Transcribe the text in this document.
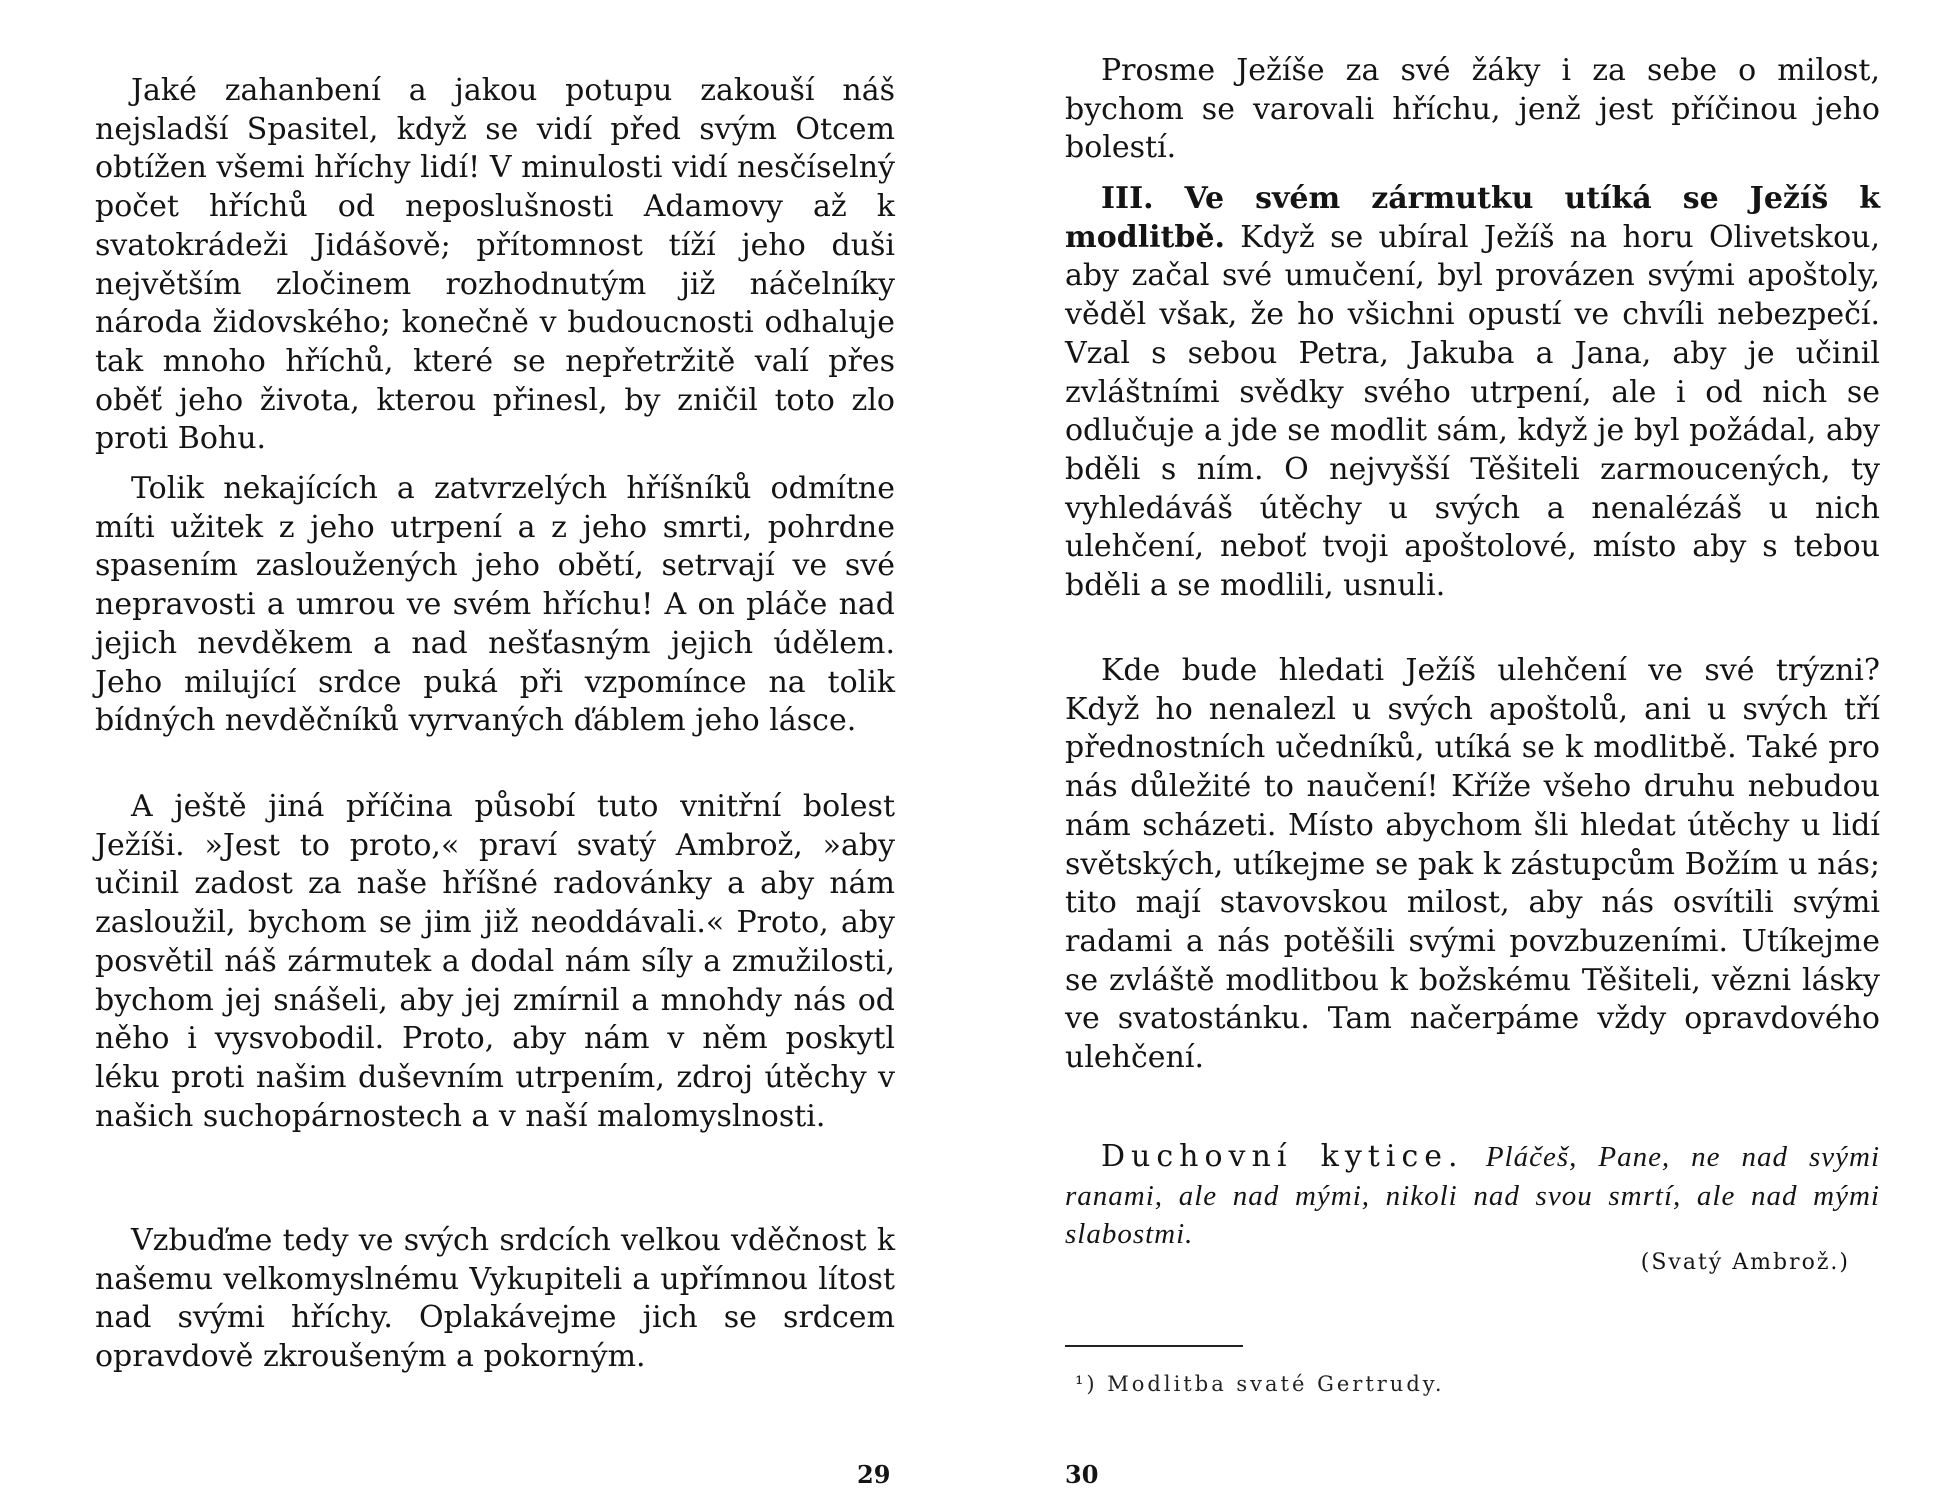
Jaké zahanbení a jakou potupu zakouší náš nejsladší Spasitel, když se vidí před svým Otcem obtížen všemi hříchy lidí! V minulosti vidí nesčíselný počet hříchů od neposlušnosti Adamovy až k svatokrádeži Jidášově; přítomnost tíží jeho duši největším zločinem rozhodnutým již náčelníky národa židovského; konečně v budoucnosti odhaluje tak mnoho hříchů, které se nepřetržitě valí přes oběť jeho života, kterou přinesl, by zničil toto zlo proti Bohu.

Tolik nekajících a zatvrzelých hříšníků odmítne míti užitek z jeho utrpení a z jeho smrti, pohrdne spasením zasloužených jeho obětí, setrvají ve své nepravosti a umrou ve svém hříchu! A on pláče nad jejich nevděkem a nad nešťasným jejich údělem. Jeho milující srdce puká při vzpomínce na tolik bídných nevděčníků vyrvaných ďáblem jeho lásce.

A ještě jiná příčina působí tuto vnitřní bolest Ježíši. »Jest to proto,« praví svatý Ambrož, »aby učinil zadost za naše hříšné radovánky a aby nám zasloužil, bychom se jim již neoddávali.« Proto, aby posvětil náš zármutek a dodal nám síly a zmužilosti, bychom jej snášeli, aby jej zmírnil a mnohdy nás od něho i vysvobodil. Proto, aby nám v něm poskytl léku proti našim duševním utrpením, zdroj útěchy v našich suchopárnostech a v naší malomyslnosti.

Vzbuďme tedy ve svých srdcích velkou vděčnost k našemu velkomyslnému Vykupiteli a upřímnou lítost nad svými hříchy. Oplakávejme jich se srdcem opravdově zkroušeným a pokorným.

29

Prosme Ježíše za své žáky i za sebe o milost, bychom se varovali hříchu, jenž jest příčinou jeho bolestí.

III. Ve svém zármutku utíká se Ježíš k modlitbě. Když se ubíral Ježíš na horu Olivetskou, aby začal své umučení, byl provázen svými apoštoly, věděl však, že ho všichni opustí ve chvíli nebezpečí. Vzal s sebou Petra, Jakuba a Jana, aby je učinil zvláštními svědky svého utrpení, ale i od nich se odlučuje a jde se modlit sám, když je byl požádal, aby bděli s ním. O nejvyšší Těšiteli zarmoucených, ty vyhledáváš útěchy u svých a nenalézáš u nich ulehčení, neboť tvoji apoštolové, místo aby s tebou bděli a se modlili, usnuli.

Kde bude hledati Ježíš ulehčení ve své trýzni? Když ho nenalezl u svých apoštolů, ani u svých tří přednostních učedníků, utíká se k modlitbě. Také pro nás důležité to naučení! Kříže všeho druhu nebudou nám scházeti. Místo abychom šli hledat útěchy u lidí světských, utíkejme se pak k zástupcům Božím u nás; tito mají stavovskou milost, aby nás osvítili svými radami a nás potěšili svými povzbuzeními. Utíkejme se zvláště modlitbou k božskému Těšiteli, vězni lásky ve svatostánku. Tam načerpáme vždy opravdového ulehčení.

Duchovní kytice. Pláčeš, Pane, ne nad svými ranami, ale nad mými, nikoli nad svou smrtí, ale nad mými slabostmi.

(Svatý Ambrož.)

¹) Modlitba svaté Gertrudy.

30
